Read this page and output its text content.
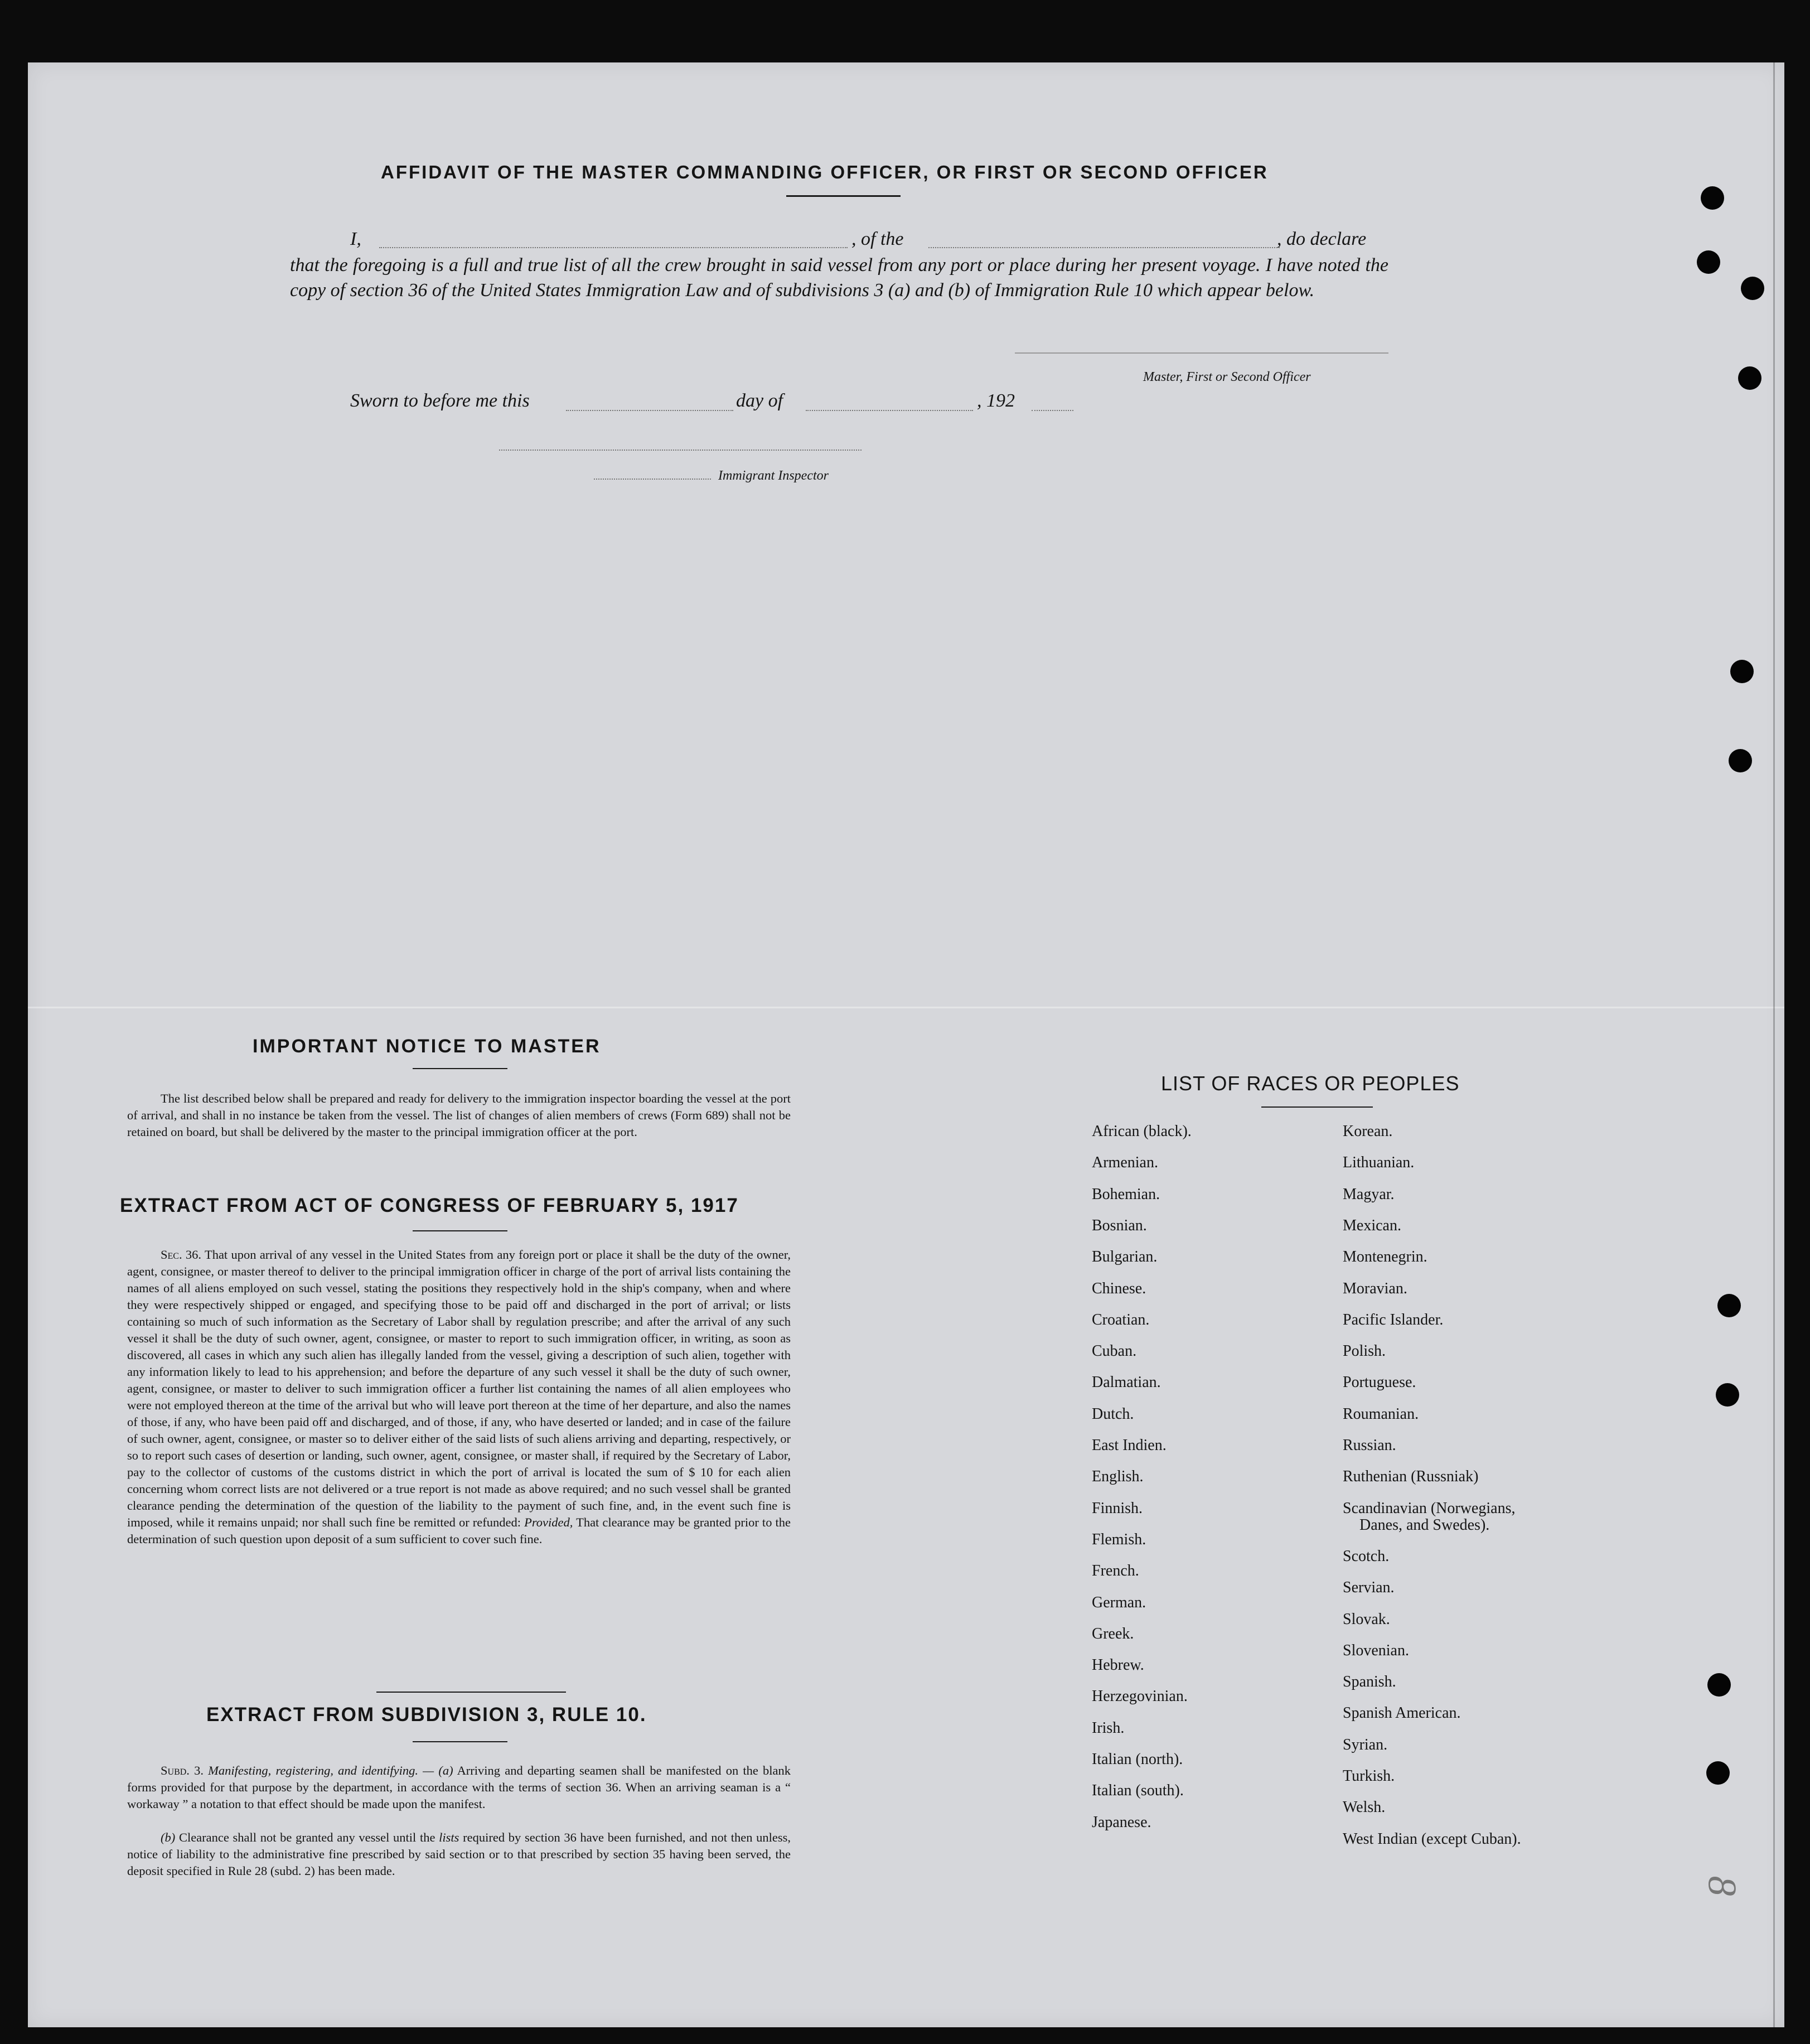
AFFIDAVIT OF THE MASTER COMMANDING OFFICER, OR FIRST OR SECOND OFFICER
I,	, of the	, do declare
that the foregoing is a full and true list of all the crew brought in said vessel from any port or place during her present voyage. I have noted the copy of section 36 of the United States Immigration Law and of subdivisions 3 (a) and (b) of Immigration Rule 10 which appear below.
Master, First or Second Officer
Sworn to before me this	day of	, 192
Immigrant Inspector
IMPORTANT NOTICE TO MASTER
The list described below shall be prepared and ready for delivery to the immigration inspector boarding the vessel at the port of arrival, and shall in no instance be taken from the vessel. The list of changes of alien members of crews (Form 689) shall not be retained on board, but shall be delivered by the master to the principal immigration officer at the port.
EXTRACT FROM ACT OF CONGRESS OF FEBRUARY 5, 1917
Sec. 36. That upon arrival of any vessel in the United States from any foreign port or place it shall be the duty of the owner, agent, consignee, or master thereof to deliver to the principal immigration officer in charge of the port of arrival lists containing the names of all aliens employed on such vessel, stating the positions they respectively hold in the ship's company, when and where they were respectively shipped or engaged, and specifying those to be paid off and discharged in the port of arrival; or lists containing so much of such information as the Secretary of Labor shall by regulation prescribe; and after the arrival of any such vessel it shall be the duty of such owner, agent, consignee, or master to report to such immigration officer, in writing, as soon as discovered, all cases in which any such alien has illegally landed from the vessel, giving a description of such alien, together with any information likely to lead to his apprehension; and before the departure of any such vessel it shall be the duty of such owner, agent, consignee, or master to deliver to such immigration officer a further list containing the names of all alien employees who were not employed thereon at the time of the arrival but who will leave port thereon at the time of her departure, and also the names of those, if any, who have been paid off and discharged, and of those, if any, who have deserted or landed; and in case of the failure of such owner, agent, consignee, or master so to deliver either of the said lists of such aliens arriving and departing, respectively, or so to report such cases of desertion or landing, such owner, agent, consignee, or master shall, if required by the Secretary of Labor, pay to the collector of customs of the customs district in which the port of arrival is located the sum of $ 10 for each alien concerning whom correct lists are not delivered or a true report is not made as above required; and no such vessel shall be granted clearance pending the determination of the question of the liability to the payment of such fine, and, in the event such fine is imposed, while it remains unpaid; nor shall such fine be remitted or refunded: Provided, That clearance may be granted prior to the determination of such question upon deposit of a sum sufficient to cover such fine.
EXTRACT FROM SUBDIVISION 3, RULE 10.
Subd. 3. Manifesting, registering, and identifying. — (a) Arriving and departing seamen shall be manifested on the blank forms provided for that purpose by the department, in accordance with the terms of section 36. When an arriving seaman is a “ workaway ” a notation to that effect should be made upon the manifest.
(b) Clearance shall not be granted any vessel until the lists required by section 36 have been furnished, and not then unless, notice of liability to the administrative fine prescribed by said section or to that prescribed by section 35 having been served, the deposit specified in Rule 28 (subd. 2) has been made.
LIST OF RACES OR PEOPLES
African (black).
Armenian.
Bohemian.
Bosnian.
Bulgarian.
Chinese.
Croatian.
Cuban.
Dalmatian.
Dutch.
East Indien.
English.
Finnish.
Flemish.
French.
German.
Greek.
Hebrew.
Herzegovinian.
Irish.
Italian (north).
Italian (south).
Japanese.
Korean.
Lithuanian.
Magyar.
Mexican.
Montenegrin.
Moravian.
Pacific Islander.
Polish.
Portuguese.
Roumanian.
Russian.
Ruthenian (Russniak)
Scandinavian (Norwegians,
Danes, and Swedes).
Scotch.
Servian.
Slovak.
Slovenian.
Spanish.
Spanish American.
Syrian.
Turkish.
Welsh.
West Indian (except Cuban).
8
